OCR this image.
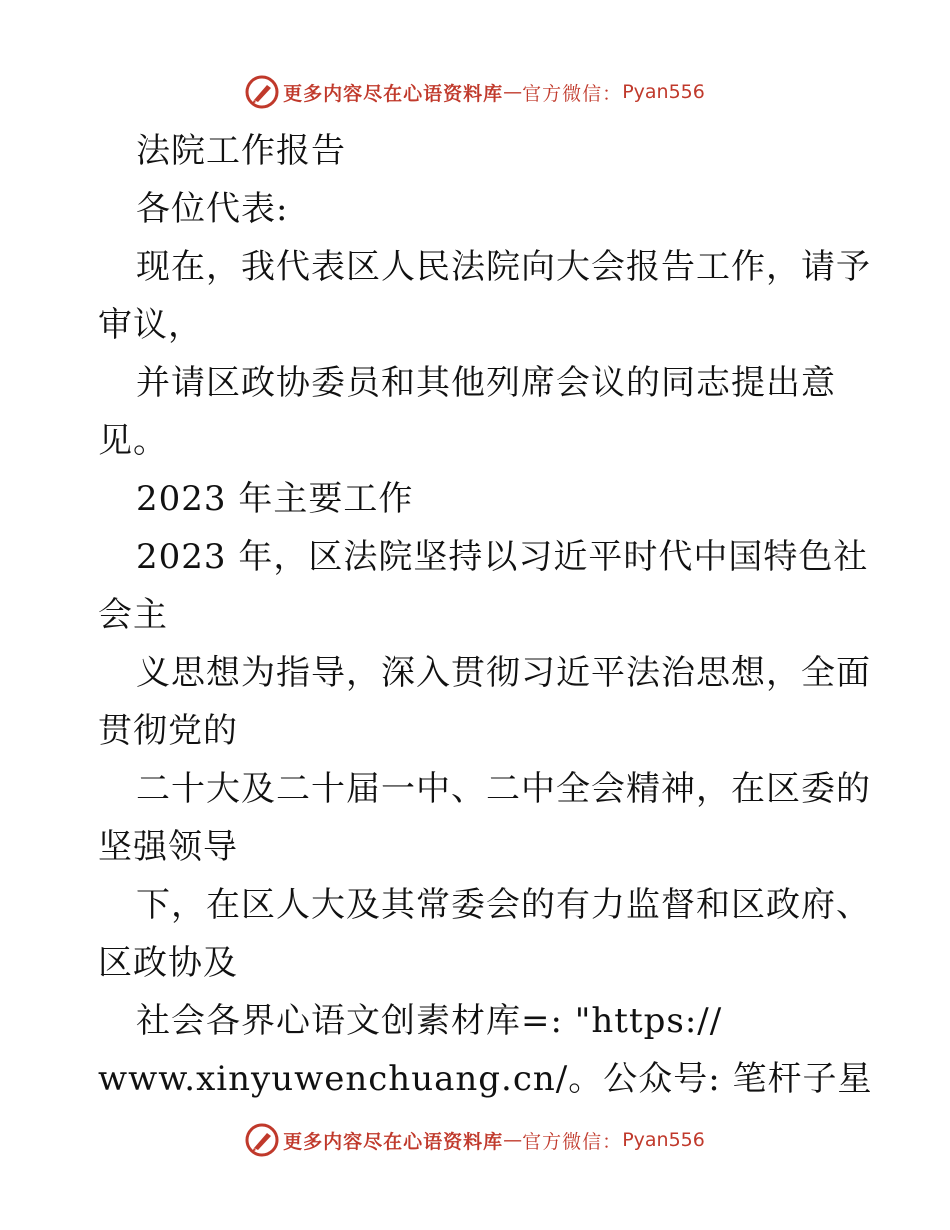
更多内容尽在心语资料库 — 官方微信： Pyan556
法院工作报告
各位代表:
现在，我代表区人民法院向大会报告工作，请予
审议，
并请区政协委员和其他列席会议的同志提出意
见。
2023 年主要工作
2023 年，区法院坚持以习近平时代中国特色社
会主
义思想为指导，深入贯彻习近平法治思想，全面
贯彻党的
二十大及二十届一中、二中全会精神，在区委的
坚强领导
下，在区人大及其常委会的有力监督和区政府、
区政协及
社会各界心语文创素材库=: "https://
www.xinyuwenchuang.cn/。公众号: 笔杆子星
更多内容尽在心语资料库 — 官方微信： Pyan556
